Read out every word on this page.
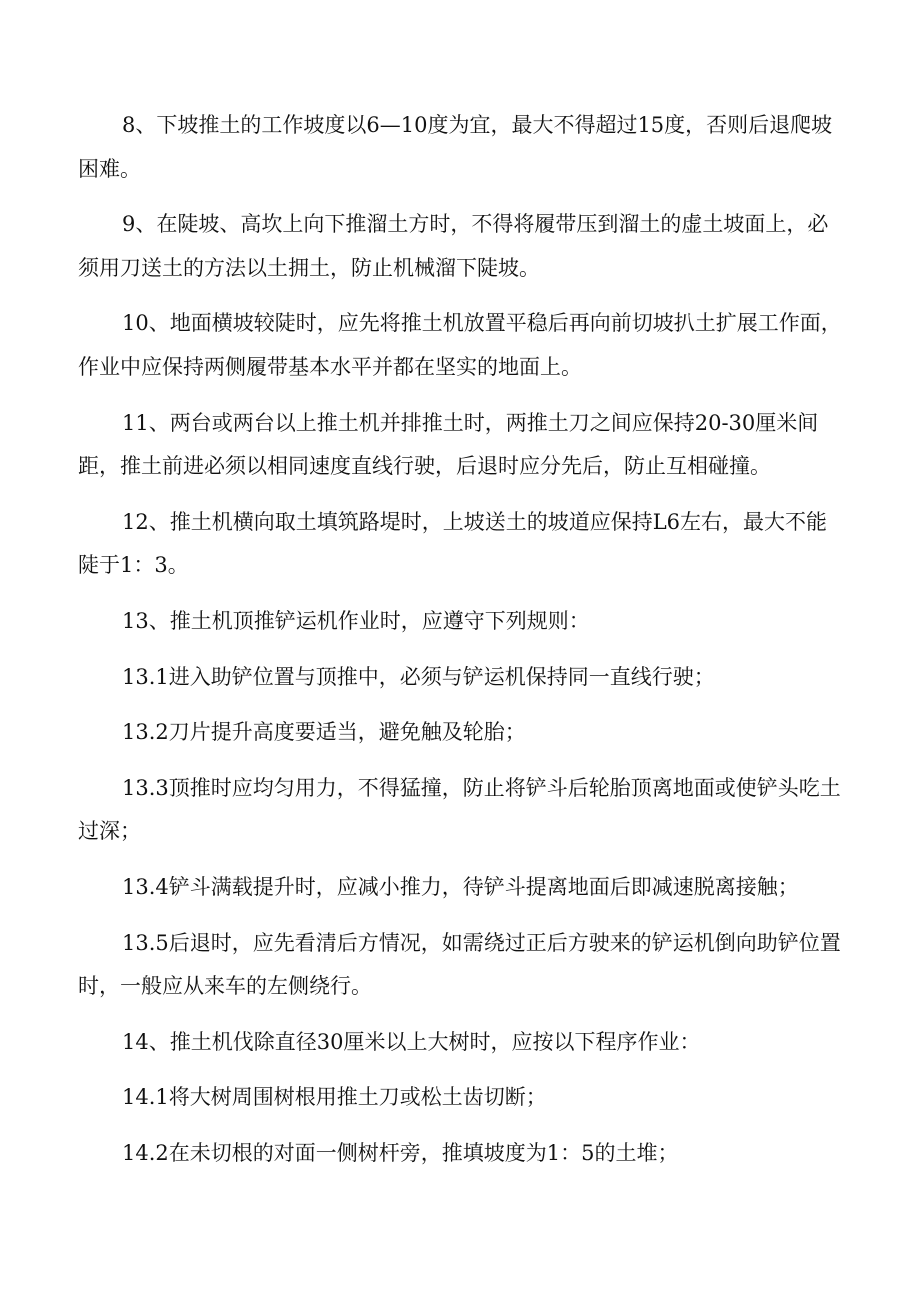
8、下坡推土的工作坡度以6—10度为宜，最大不得超过15度，否则后退爬坡困难。

9、在陡坡、高坎上向下推溜土方时，不得将履带压到溜土的虚土坡面上，必须用刀送土的方法以土拥土，防止机械溜下陡坡。

10、地面横坡较陡时，应先将推土机放置平稳后再向前切坡扒土扩展工作面，作业中应保持两侧履带基本水平并都在坚实的地面上。

11、两台或两台以上推土机并排推土时，两推土刀之间应保持20-30厘米间距，推土前进必须以相同速度直线行驶，后退时应分先后，防止互相碰撞。

12、推土机横向取土填筑路堤时，上坡送土的坡道应保持L6左右，最大不能陡于1：3。

13、推土机顶推铲运机作业时，应遵守下列规则：

13.1进入助铲位置与顶推中，必须与铲运机保持同一直线行驶；

13.2刀片提升高度要适当，避免触及轮胎；

13.3顶推时应均匀用力，不得猛撞，防止将铲斗后轮胎顶离地面或使铲头吃土过深；

13.4铲斗满载提升时，应减小推力，待铲斗提离地面后即减速脱离接触；

13.5后退时，应先看清后方情况，如需绕过正后方驶来的铲运机倒向助铲位置时，一般应从来车的左侧绕行。

14、推土机伐除直径30厘米以上大树时，应按以下程序作业：

14.1将大树周围树根用推土刀或松土齿切断；

14.2在未切根的对面一侧树杆旁，推填坡度为1：5的土堆；
